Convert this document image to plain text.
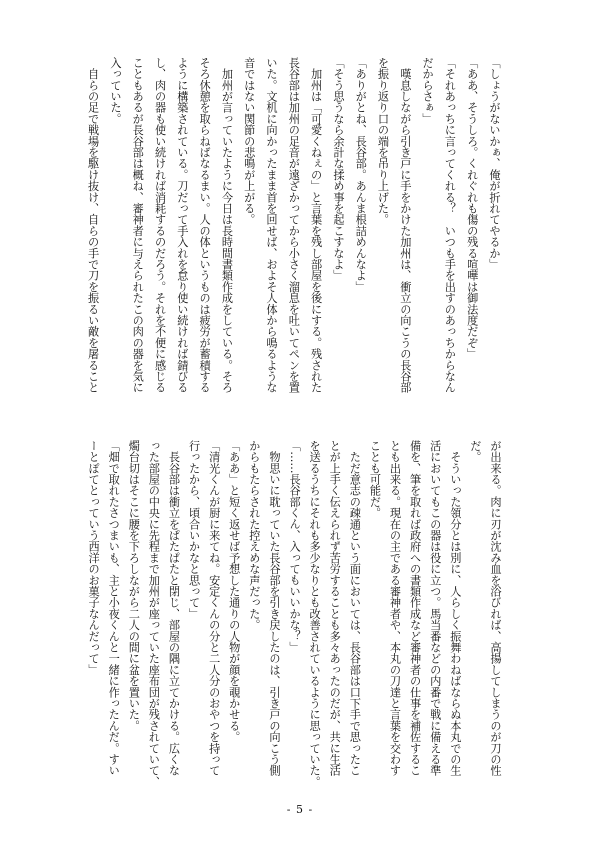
「しょうがないかぁ、俺が折れてやるか」
「ああ、そうしろ。くれぐれも傷の残る喧嘩は御法度だぞ」
「それあっちに言ってくれる？　いつも手を出すのあっちからなん
だからさぁ」
　嘆息しながら引き戸に手をかけた加州は、衝立の向こうの長谷部
を振り返り口の端を吊り上げた。
「ありがとね、長谷部。あんま根詰めんなよ」
「そう思うなら余計な揉め事を起こすなよ」
　加州は「可愛くねぇの」と言葉を残し部屋を後にする。残された
長谷部は加州の足音が遠ざかってから小さく溜息を吐いてペンを置
いた。文机に向かったまま首を回せば、およそ人体から鳴るような
音ではない関節の悲鳴が上がる。
　加州が言っていたように今日は長時間書類作成をしている。そろ
そろ休憩を取らねばなるまい。人の体というものは疲労が蓄積する
ように構築されている。刀だって手入れを怠り使い続ければ錆びる
し、肉の器も使い続ければ消耗するのだろう。それを不便に感じる
こともあるが長谷部は概ね、審神者に与えられたこの肉の器を気に
入っていた。
　自らの足で戦場を駆け抜け、自らの手で刀を振るい敵を屠ること
が出来る。肉に刃が沈み血を浴びれば、高揚してしまうのが刀の性
だ。
　そういった領分とは別に、人らしく振舞わねばならぬ本丸での生
活においてもこの器は役に立つ。馬当番などの内番で戦に備える準
備を、筆を取れば政府への書類作成など審神者の仕事を補佐するこ
とも出来る。現在の主である審神者や、本丸の刀達と言葉を交わす
ことも可能だ。
　ただ意志の疎通という面においては、長谷部は口下手で思ったこ
とが上手く伝えられず苦労することも多々あったのだが、共に生活
を送るうちにそれも多少なりとも改善されているように思っていた。
「……長谷部くん、入ってもいいかな？」
　物思いに耽っていた長谷部を引き戻したのは、引き戸の向こう側
からもたらされた控えめな声だった。
「ああ」と短く返せば予想した通りの人物が顔を覗かせる。
「清光くんが厨に来てね。安定くんの分と二人分のおやつを持って
行ったから、頃合いかなと思って」
　長谷部は衝立をぱたぱたと閉じ、部屋の隅に立てかける。広くな
った部屋の中央に先程まで加州が座っていた座布団が残されていて、
燭台切はそこに腰を下ろしながら二人の間に盆を置いた。
「畑で取れたさつまいも、主と小夜くんと一緒に作ったんだ。すい
ーとぽてとっていう西洋のお菓子なんだって」
- 5 -
